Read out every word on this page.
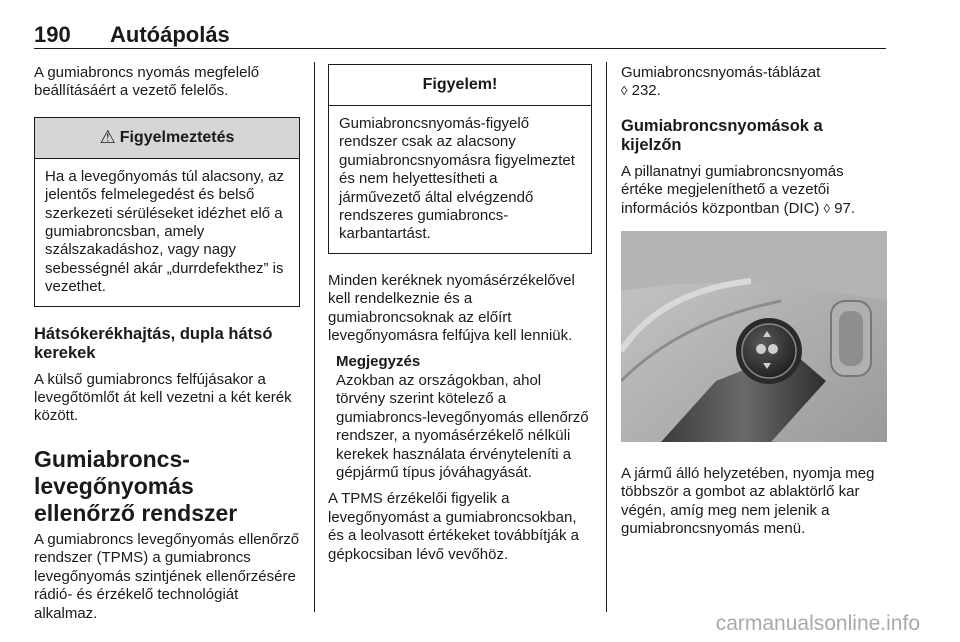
190 Autóápolás

A gumiabroncs nyomás megfelelő beállításáért a vezető felelős.

⚠ Figyelmeztetés

Ha a levegőnyomás túl alacsony, az jelentős felmelegedést és belső szerkezeti sérüléseket idézhet elő a gumiabroncsban, amely szálszakadáshoz, vagy nagy sebességnél akár „durrdefekthez” is vezethet.

Hátsókerékhajtás, dupla hátsó kerekek

A külső gumiabroncs felfújásakor a levegőtömlőt át kell vezetni a két kerék között.

Gumiabroncs-levegőnyomás ellenőrző rendszer

A gumiabroncs levegőnyomás ellenőrző rendszer (TPMS) a gumiabroncs levegőnyomás szintjének ellenőrzésére rádió- és érzékelő technológiát alkalmaz.

Figyelem!

Gumiabroncsnyomás-figyelő rendszer csak az alacsony gumiabroncsnyomásra figyelmeztet és nem helyettesítheti a járművezető által elvégzendő rendszeres gumiabroncs-karbantartást.

Minden keréknek nyomásérzékelővel kell rendelkeznie és a gumiabroncsoknak az előírt levegőnyomásra felfújva kell lenniük.

Megjegyzés

Azokban az országokban, ahol törvény szerint kötelező a gumiabroncs-levegőnyomás ellenőrző rendszer, a nyomásérzékelő nélküli kerekek használata érvényteleníti a gépjármű típus jóváhagyását.

A TPMS érzékelői figyelik a levegőnyomást a gumiabroncsokban, és a leolvasott értékeket továbbítják a gépkocsiban lévő vevőhöz.

Gumiabroncsnyomás-táblázat
◊ 232.

Gumiabroncsnyomások a kijelzőn

A pillanatnyi gumiabroncsnyomás értéke megjeleníthető a vezetői információs központban (DIC) ◊ 97.

A jármű álló helyzetében, nyomja meg többször a gombot az ablaktörlő kar végén, amíg meg nem jelenik a gumiabroncsnyomás menü.

carmanualsonline.info
